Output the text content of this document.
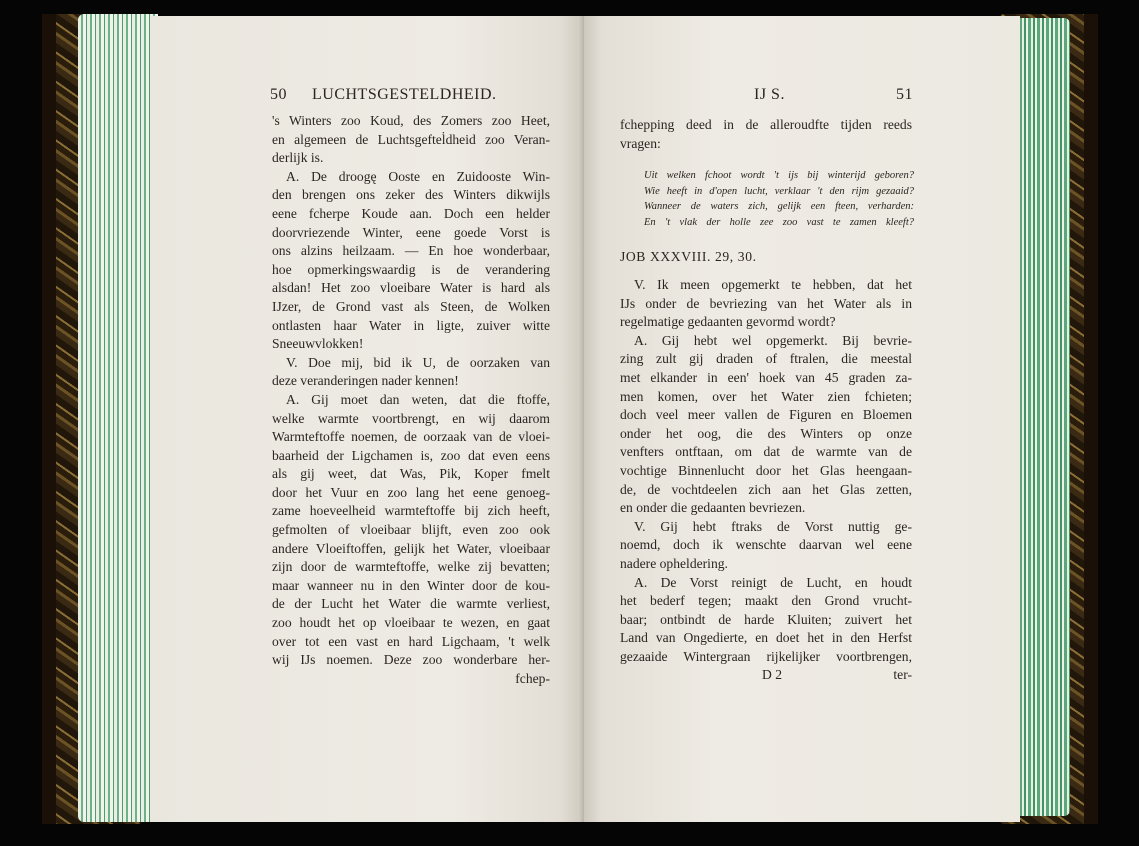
50 LUCHTSGESTELDHEID.
's Winters zoo Koud, des Zomers zoo Heet,
en algemeen de Luchtsgeftel̇dheid zoo Veran-
derlijk is.
A. De droogę Ooste en Zuidooste Win-
den brengen ons zeker des Winters dikwijls
eene fcherpe Koude aan. Doch een helder
doorvriezende Winter, eene goede Vorst is
ons alzins heilzaam. — En hoe wonderbaar,
hoe opmerkingswaardig is de verandering
alsdan! Het zoo vloeibare Water is hard als
IJzer, de Grond vast als Steen, de Wolken
ontlasten haar Water in ligte, zuiver witte
Sneeuwvlokken!
V. Doe mij, bid ik U, de oorzaken van
deze veranderingen nader kennen!
A. Gij moet dan weten, dat die ftoffe,
welke warmte voortbrengt, en wij daarom
Warmteftoffe noemen, de oorzaak van de vloei-
baarheid der Ligchamen is, zoo dat even eens
als gij weet, dat Was, Pik, Koper fmelt
door het Vuur en zoo lang het eene genoeg-
zame hoeveelheid warmteftoffe bij zich heeft,
gefmolten of vloeibaar blijft, even zoo ook
andere Vloeiftoffen, gelijk het Water, vloeibaar
zijn door de warmteftoffe, welke zij bevatten;
maar wanneer nu in den Winter door de kou-
de der Lucht het Water die warmte verliest,
zoo houdt het op vloeibaar te wezen, en gaat
over tot een vast en hard Ligchaam, 't welk
wij IJs noemen. Deze zoo wonderbare her-
fchep-
IJ S.	51
fchepping deed in de alleroudfte tijden reeds
vragen:
Uit welken fchoot wordt 't ijs bij winterijd geboren?
Wie heeft in d'open lucht, verklaar 't den rijm gezaaid?
Wanneer de waters zich, gelijk een fteen, verharden:
En 't vlak der holle zee zoo vast te zamen kleeft?
JOB XXXVIII. 29, 30.
V. Ik meen opgemerkt te hebben, dat het
IJs onder de bevriezing van het Water als in
regelmatige gedaanten gevormd wordt?
A. Gij hebt wel opgemerkt. Bij bevrie-
zing zult gij draden of ftralen, die meestal
met elkander in een' hoek van 45 graden za-
men komen, over het Water zien fchieten;
doch veel meer vallen de Figuren en Bloemen
onder het oog, die des Winters op onze
venfters ontftaan, om dat de warmte van de
vochtige Binnenlucht door het Glas heengaan-
de, de vochtdeelen zich aan het Glas zetten,
en onder die gedaanten bevriezen.
V. Gij hebt ftraks de Vorst nuttig ge-
noemd, doch ik wenschte daarvan wel eene
nadere opheldering.
A. De Vorst reinigt de Lucht, en houdt
het bederf tegen; maakt den Grond vrucht-
baar; ontbindt de harde Kluiten; zuivert het
Land van Ongedierte, en doet het in den Herfst
gezaaide Wintergraan rijkelijker voortbrengen,
D 2	ter-
